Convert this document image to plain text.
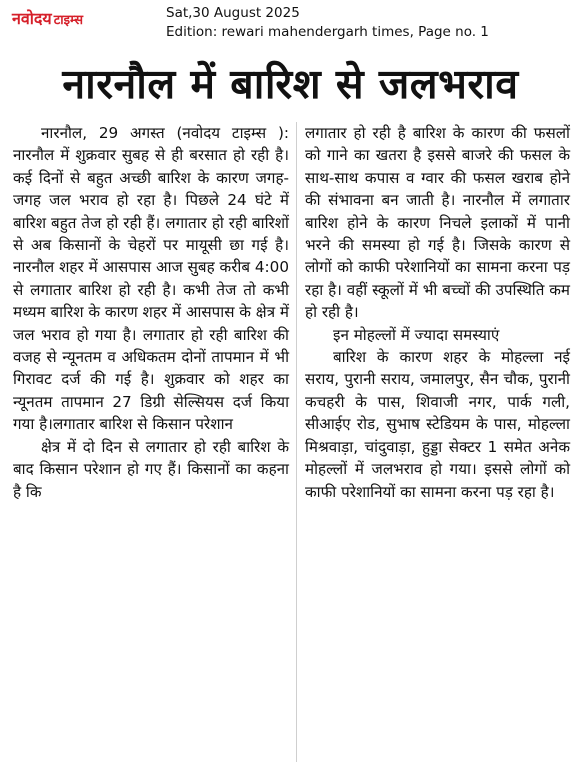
नवोदय टाइम्स	Sat,30 August 2025
Edition: rewari mahendergarh times, Page no. 1
नारनौल में बारिश से जलभराव

नारनौल, 29 अगस्त (नवोदय टाइम्स ): नारनौल में शुक्रवार सुबह से ही बरसात हो रही है। कई दिनों से बहुत अच्छी बारिश के कारण जगह-जगह जल भराव हो रहा है। पिछले 24 घंटे में बारिश बहुत तेज हो रही हैं। लगातार हो रही बारिशों से अब किसानों के चेहरों पर मायूसी छा गई है। नारनौल शहर में आसपास आज सुबह करीब 4:00 से लगातार बारिश हो रही है। कभी तेज तो कभी मध्यम बारिश के कारण शहर में आसपास के क्षेत्र में जल भराव हो गया है। लगातार हो रही बारिश की वजह से न्यूनतम व अधिकतम दोनों तापमान में भी गिरावट दर्ज की गई है। शुक्रवार को शहर का न्यूनतम तापमान 27 डिग्री सेल्सियस दर्ज किया गया है।लगातार बारिश से किसान परेशान

क्षेत्र में दो दिन से लगातार हो रही बारिश के बाद किसान परेशान हो गए हैं। किसानों का कहना है कि

लगातार हो रही है बारिश के कारण की फसलों को गाने का खतरा है इससे बाजरे की फसल के साथ-साथ कपास व ग्वार की फसल खराब होने की संभावना बन जाती है। नारनौल में लगातार बारिश होने के कारण निचले इलाकों में पानी भरने की समस्या हो गई है। जिसके कारण से लोगों को काफी परेशानियों का सामना करना पड़ रहा है। वहीं स्कूलों में भी बच्चों की उपस्थिति कम हो रही है।

इन मोहल्लों में ज्यादा समस्याएं

बारिश के कारण शहर के मोहल्ला नई सराय, पुरानी सराय, जमालपुर, सैन चौक, पुरानी कचहरी के पास, शिवाजी नगर, पार्क गली, सीआईए रोड, सुभाष स्टेडियम के पास, मोहल्ला मिश्रवाड़ा, चांदुवाड़ा, हुड्डा सेक्टर 1 समेत अनेक मोहल्लों में जलभराव हो गया। इससे लोगों को काफी परेशानियों का सामना करना पड़ रहा है।
